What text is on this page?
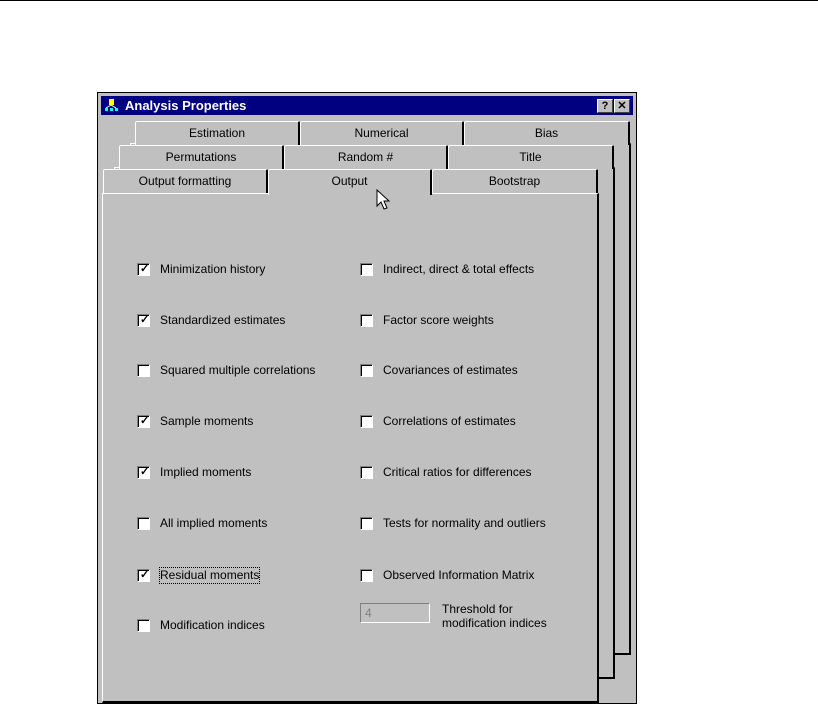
Analysis Properties	? ✕
Estimation	Numerical	Bias
Permutations	Random #	Title
✓ Minimization history
✓ Standardized estimates
Squared multiple correlations
✓ Sample moments
✓ Implied moments
All implied moments
✓ Residual moments
Modification indices
Indirect, direct & total effects
Factor score weights
Covariances of estimates
Correlations of estimates
Critical ratios for differences
Tests for normality and outliers
Observed Information Matrix
4	Threshold for
modification indices
Output formatting	Output	Bootstrap
